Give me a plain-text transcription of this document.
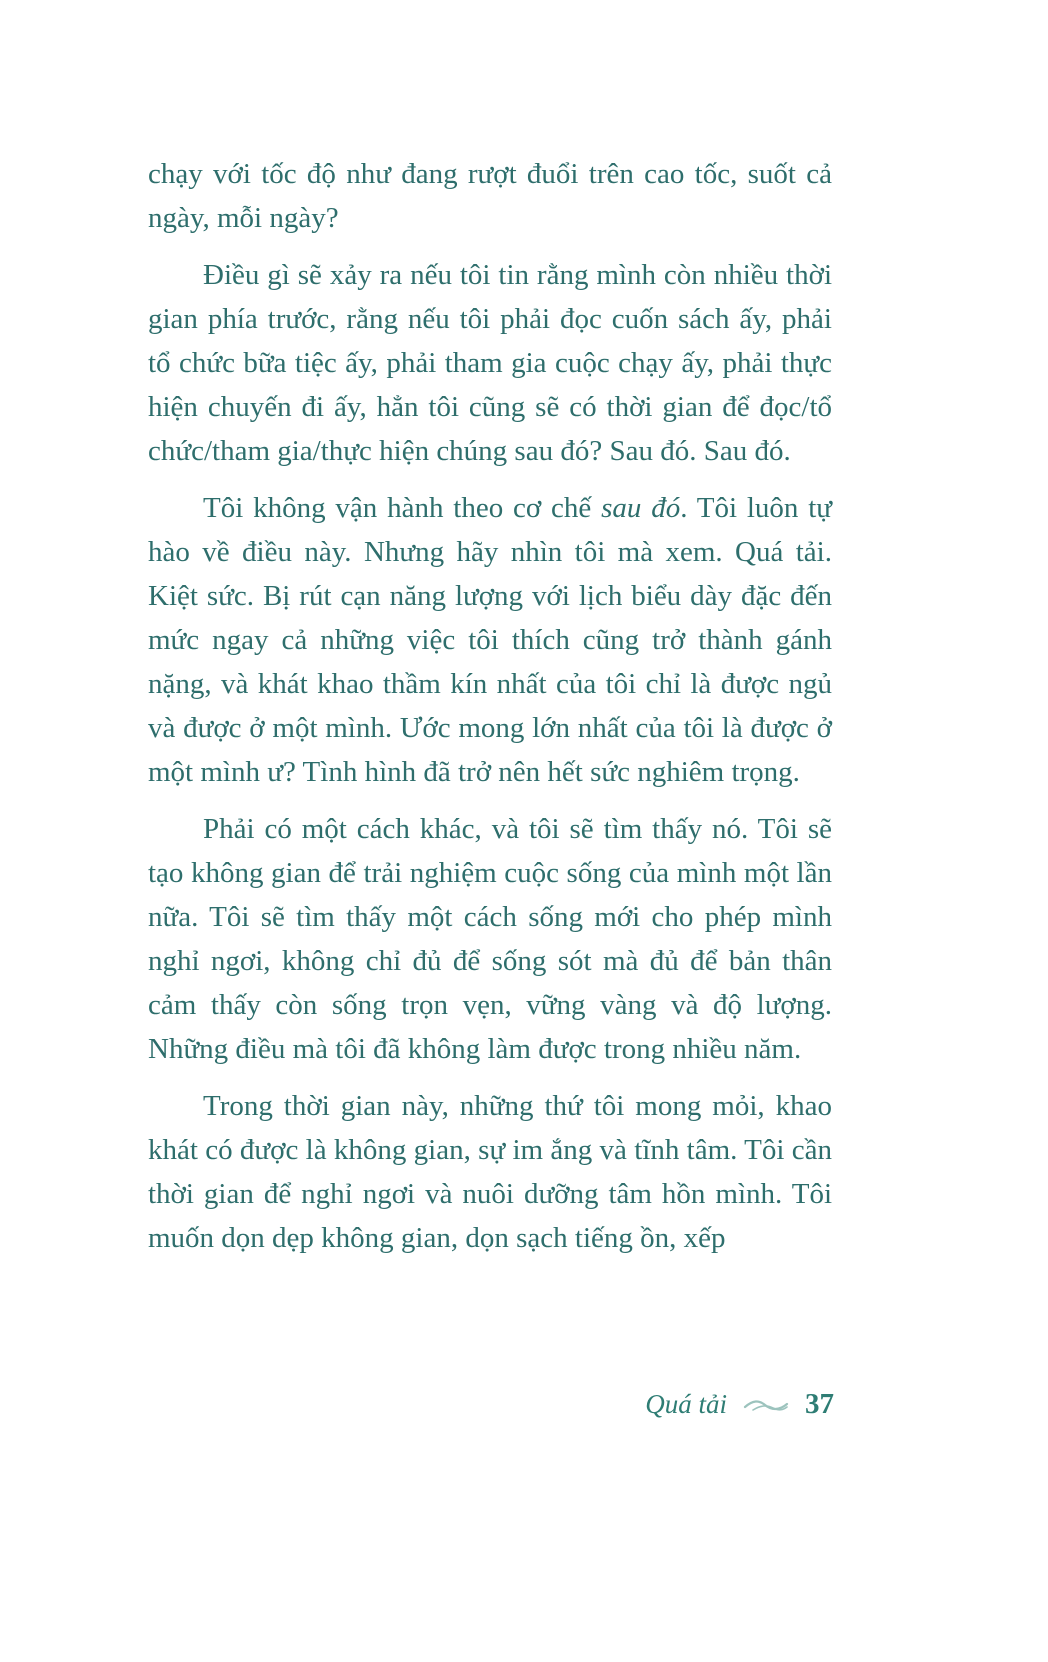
chạy với tốc độ như đang rượt đuổi trên cao tốc, suốt cả ngày, mỗi ngày?

Điều gì sẽ xảy ra nếu tôi tin rằng mình còn nhiều thời gian phía trước, rằng nếu tôi phải đọc cuốn sách ấy, phải tổ chức bữa tiệc ấy, phải tham gia cuộc chạy ấy, phải thực hiện chuyến đi ấy, hẳn tôi cũng sẽ có thời gian để đọc/tổ chức/tham gia/thực hiện chúng sau đó? Sau đó. Sau đó.

Tôi không vận hành theo cơ chế sau đó. Tôi luôn tự hào về điều này. Nhưng hãy nhìn tôi mà xem. Quá tải. Kiệt sức. Bị rút cạn năng lượng với lịch biểu dày đặc đến mức ngay cả những việc tôi thích cũng trở thành gánh nặng, và khát khao thầm kín nhất của tôi chỉ là được ngủ và được ở một mình. Ước mong lớn nhất của tôi là được ở một mình ư? Tình hình đã trở nên hết sức nghiêm trọng.

Phải có một cách khác, và tôi sẽ tìm thấy nó. Tôi sẽ tạo không gian để trải nghiệm cuộc sống của mình một lần nữa. Tôi sẽ tìm thấy một cách sống mới cho phép mình nghỉ ngơi, không chỉ đủ để sống sót mà đủ để bản thân cảm thấy còn sống trọn vẹn, vững vàng và độ lượng. Những điều mà tôi đã không làm được trong nhiều năm.

Trong thời gian này, những thứ tôi mong mỏi, khao khát có được là không gian, sự im ắng và tĩnh tâm. Tôi cần thời gian để nghỉ ngơi và nuôi dưỡng tâm hồn mình. Tôi muốn dọn dẹp không gian, dọn sạch tiếng ồn, xếp

Quá tải	37
